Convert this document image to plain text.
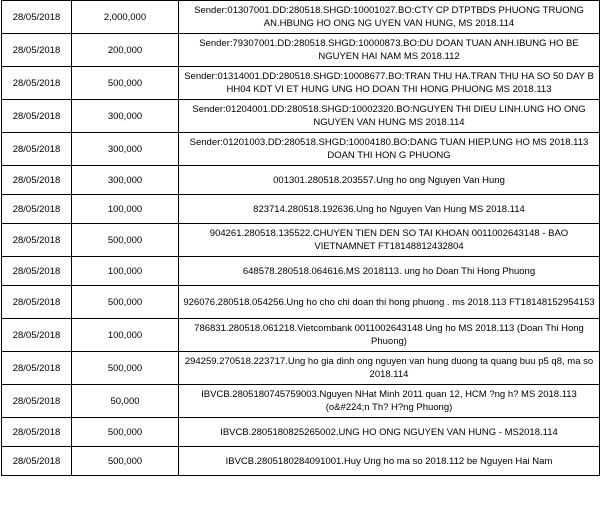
28/05/2018	2,000,000	Sender:01307001.DD:280518.SHGD:10001027.BO:CTY CP DTPTBDS PHUONG TRUONG AN.HBUNG HO ONG NG UYEN VAN HUNG, MS 2018.114
28/05/2018	200,000	Sender:79307001.DD:280518.SHGD:10000873.BO:DU DOAN TUAN ANH.IBUNG HO BE NGUYEN HAI NAM MS 2018.112
28/05/2018	500,000	Sender:01314001.DD:280518.SHGD:10008677.BO:TRAN THU HA.TRAN THU HA SO 50 DAY B HH04 KDT VI ET HUNG UNG HO DOAN THI HONG PHUONG MS 2018.113
28/05/2018	300,000	Sender:01204001.DD:280518.SHGD:10002320.BO:NGUYEN THI DIEU LINH.UNG HO ONG NGUYEN VAN HUNG MS 2018.114
28/05/2018	300,000	Sender:01201003.DD:280518.SHGD:10004180.BO:DANG TUAN HIEP.UNG HO MS 2018.113 DOAN THI HON G PHUONG
28/05/2018	300,000	001301.280518.203557.Ung ho ong Nguyen Van Hung
28/05/2018	100,000	823714.280518.192636.Ung ho Nguyen Van Hung MS 2018.114
28/05/2018	500,000	904261.280518.135522.CHUYEN TIEN DEN SO TAI KHOAN 0011002643148 - BAO VIETNAMNET FT18148812432804
28/05/2018	100,000	648578.280518.064616.MS 2018113. ung ho Doan Thi Hong Phuong
28/05/2018	500,000	926076.280518.054256.Ung ho cho chi doan thi hong phuong . ms 2018.113 FT18148152954153
28/05/2018	100,000	786831.280518.061218.Vietcombank 0011002643148 Ung ho MS 2018.113 (Doan Thi Hong Phuong)
28/05/2018	500,000	294259.270518.223717.Ung ho gia dinh ong nguyen van hung duong ta quang buu p5 q8, ma so 2018.114
28/05/2018	50,000	IBVCB.2805180745759003.Nguyen NHat Minh 2011 quan 12, HCM ?ng h? MS 2018.113 (o&#224;n Th? H?ng Phuong)
28/05/2018	500,000	IBVCB.2805180825265002.UNG HO ONG NGUYEN VAN HUNG - MS2018.114
28/05/2018	500,000	IBVCB.2805180284091001.Huy Ung ho ma so 2018.112 be Nguyen Hai Nam
